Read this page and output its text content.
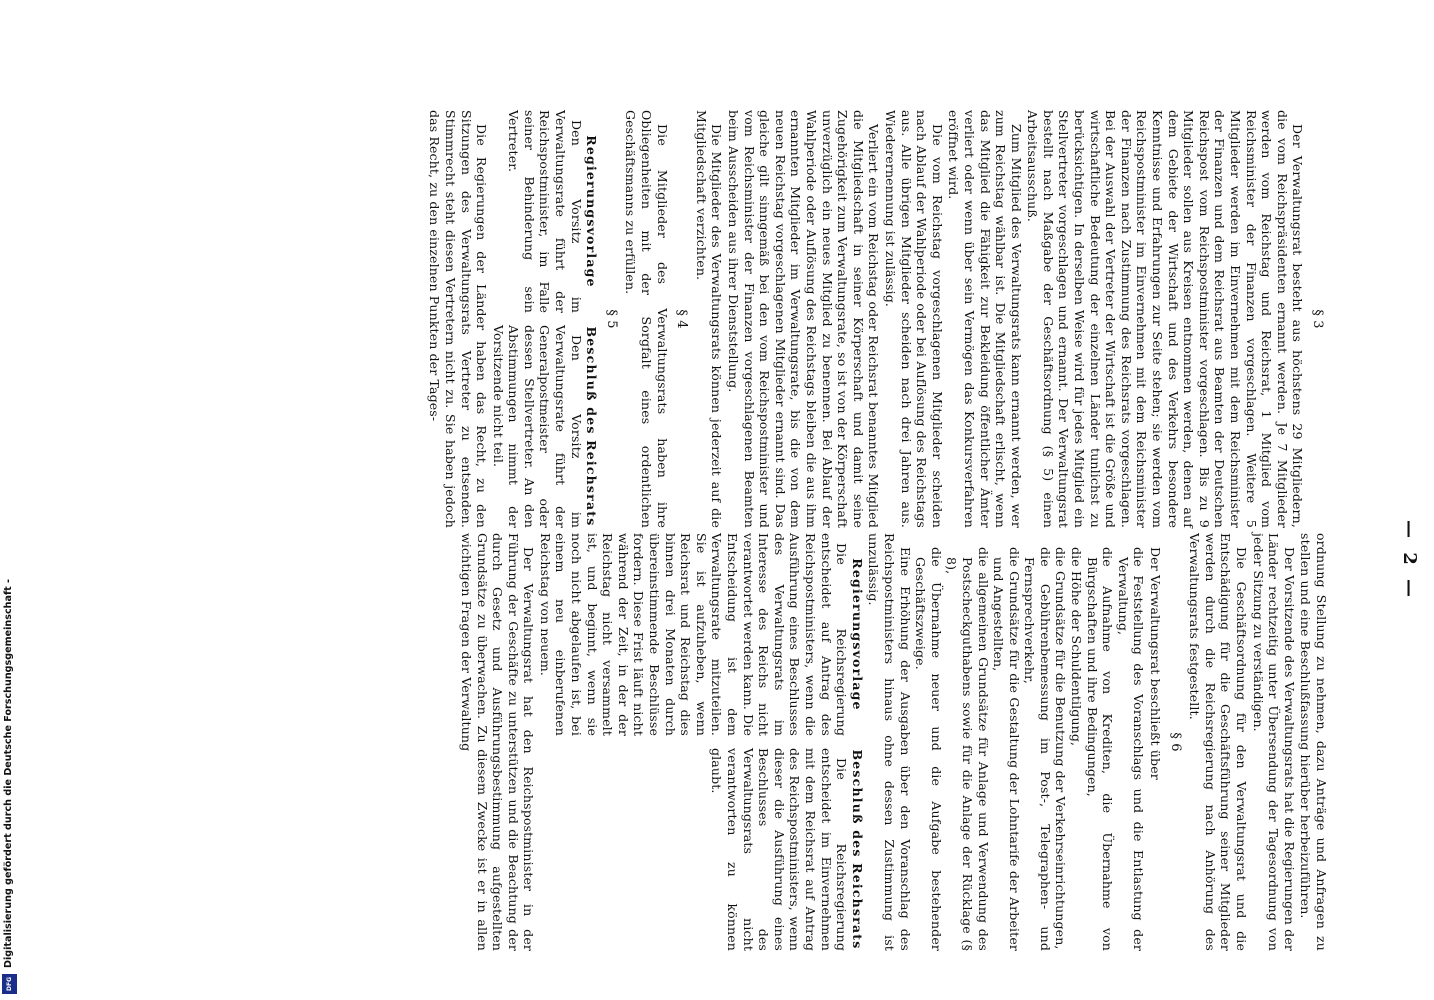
— 2 —
§ 3

Der Verwaltungsrat besteht aus höchstens 29 Mitgliedern, die vom Reichspräsidenten ernannt werden. Je 7 Mitglieder werden vom Reichstag und Reichsrat, 1 Mitglied vom Reichsminister der Finanzen vorgeschlagen. Weitere 5 Mitglieder werden im Einvernehmen mit dem Reichsminister der Finanzen und dem Reichsrat aus Beamten der Deutschen Reichspost vom Reichspostminister vorgeschlagen. Bis zu 9 Mitglieder sollen aus Kreisen entnommen werden, denen auf dem Gebiete der Wirtschaft und des Verkehrs besondere Kenntnisse und Erfahrungen zur Seite stehen; sie werden vom Reichspostminister im Einvernehmen mit dem Reichsminister der Finanzen nach Zustimmung des Reichsrats vorgeschlagen. Bei der Auswahl der Vertreter der Wirtschaft ist die Größe und wirtschaftliche Bedeutung der einzelnen Länder tunlichst zu berücksichtigen. In derselben Weise wird für jedes Mitglied ein Stellvertreter vorgeschlagen und ernannt. Der Verwaltungsrat bestellt nach Maßgabe der Geschäftsordnung (§ 5) einen Arbeitsausschuß.

Zum Mitglied des Verwaltungsrats kann ernannt werden, wer zum Reichstag wählbar ist. Die Mitgliedschaft erlischt, wenn das Mitglied die Fähigkeit zur Bekleidung öffentlicher Ämter verliert oder wenn über sein Vermögen das Konkursverfahren eröffnet wird.

Die vom Reichstag vorgeschlagenen Mitglieder scheiden nach Ablauf der Wahlperiode oder bei Auflösung des Reichstags aus. Alle übrigen Mitglieder scheiden nach drei Jahren aus. Wiederernennung ist zulässig.

Verliert ein vom Reichstag oder Reichsrat benanntes Mitglied die Mitgliedschaft in seiner Körperschaft und damit seine Zugehörigkeit zum Verwaltungsrate, so ist von der Körperschaft unverzüglich ein neues Mitglied zu benennen. Bei Ablauf der Wahlperiode oder Auflösung des Reichstags bleiben die aus ihm ernannten Mitglieder im Verwaltungsrate, bis die von dem neuen Reichstag vorgeschlagenen Mitglieder ernannt sind. Das gleiche gilt sinngemäß bei den vom Reichspostminister und vom Reichsminister der Finanzen vorgeschlagenen Beamten beim Ausscheiden aus ihrer Dienststellung.

Die Mitglieder des Verwaltungsrats können jederzeit auf die Mitgliedschaft verzichten.

§ 4

Die Mitglieder des Verwaltungsrats haben ihre Obliegenheiten mit der Sorgfalt eines ordentlichen Geschäftsmanns zu erfüllen.

§ 5
Regierungsvorlage

Den Vorsitz im Verwaltungsrate führt der Reichspostminister, im Falle seiner Behinderung sein Vertreter.

Beschluß des Reichsrats

Den Vorsitz im Verwaltungsrate führt der Generalpostmeister oder dessen Stellvertreter. An den Abstimmungen nimmt der Vorsitzende nicht teil.

Die Regierungen der Länder haben das Recht, zu den Sitzungen des Verwaltungsrats Vertreter zu entsenden. Stimmrecht steht diesen Vertretern nicht zu. Sie haben jedoch das Recht, zu den einzelnen Punkten der Tages-

ordnung Stellung zu nehmen, dazu Anträge und Anfragen zu stellen und eine Beschlußfassung hierüber herbeizuführen.

Der Vorsitzende des Verwaltungsrats hat die Regierungen der Länder rechtzeitig unter Übersendung der Tagesordnung von jeder Sitzung zu verständigen.

Die Geschäftsordnung für den Verwaltungsrat und die Entschädigung für die Geschäftsführung seiner Mitglieder werden durch die Reichsregierung nach Anhörung des Verwaltungsrats festgestellt.

§ 6

Der Verwaltungsrat beschließt über

die Feststellung des Voranschlags und die Entlastung der Verwaltung,

die Aufnahme von Krediten, die Übernahme von Bürgschaften und ihre Bedingungen,

die Höhe der Schuldentilgung,

die Grundsätze für die Benutzung der Verkehrseinrichtungen,

die Gebührenbemessung im Post-, Telegraphen- und Fernsprechverkehr,

die Grundsätze für die Gestaltung der Lohntarife der Arbeiter und Angestellten,

die allgemeinen Grundsätze für Anlage und Verwendung des Postscheckguthabens sowie für die Anlage der Rücklage (§ 8),

die Übernahme neuer und die Aufgabe bestehender Geschäftszweige.

Eine Erhöhung der Ausgaben über den Voranschlag des Reichspostministers hinaus ohne dessen Zustimmung ist unzulässig.

Regierungsvorlage

Die Reichsregierung entscheidet auf Antrag des Reichspostministers, wenn die Ausführung eines Beschlusses des Verwaltungsrats im Interesse des Reichs nicht verantwortet werden kann. Die Entscheidung ist dem Verwaltungsrate mitzuteilen. Sie ist aufzuheben, wenn Reichsrat und Reichstag dies binnen drei Monaten durch übereinstimmende Beschlüsse fordern. Diese Frist läuft nicht während der Zeit, in der der Reichstag nicht versammelt ist, und beginnt, wenn sie noch nicht abgelaufen ist, bei einem neu einberufenen Reichstag von neuem.

Beschluß des Reichsrats

Die Reichsregierung entscheidet im Einvernehmen mit dem Reichsrat auf Antrag des Reichspostministers, wenn dieser die Ausführung eines Beschlusses des Verwaltungsrats nicht verantworten zu können glaubt.

Der Verwaltungsrat hat den Reichspostminister in der Führung der Geschäfte zu unterstützen und die Beachtung der durch Gesetz und Ausführungsbestimmung aufgestellten Grundsätze zu überwachen. Zu diesem Zwecke ist er in allen wichtigen Fragen der Verwaltung

Digitalisierung gefördert durch die Deutsche Forschungsgemeinschaft -
DFG
